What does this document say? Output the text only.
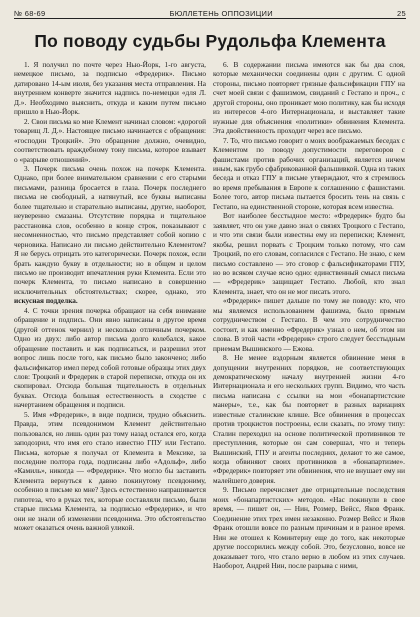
№ 68-69	БЮЛЛЕТЕНЬ ОППОЗИЦИИ	25
По поводу судьбы Рудольфа Клемента

1. Я получил по почте через Нью-Йорк, 1-го августа, немецкое письмо, за подписью «Фредерик». Письмо датировано 14-ым июля, без указания места отправления. На внутреннем конверте значится надпись по-немецки «для Л. Д.». Необходимо выяснить, откуда и каким путем письмо пришло в Нью-Йорк.

2. Свои письма ко мне Клемент начинал словом: «дорогой товарищ Л. Д.». Настоящее письмо начинается с обращения: «господин Троцкий». Это обращение должно, очевидно, соответствовать враждебному тону письма, которое взывает о «разрыве отношений».

3. Почерк письма очень похож на почерк Клемента. Однако, при более внимательном сравнении с его старыми письмами, разница бросается в глаза. Почерк последнего письма не свободный, а натянутый, все буквы выписаны более тщательно и старательно выписаны, другие, наоборот, неуверенно смазаны. Отсутствие порядка и тщательное расстановка слов, особенно в конце строк, показывают с несомненностью, что письмо представляет собой копию с черновика. Написано ли письмо действительно Клементом? Я не берусь отрицать это категорически. Почерк похож, если брать каждую букву в отдельности; но в общем и целом письмо не производит впечатления руки Клемента. Если это почерк Клемента, то письмо написано в совершенно исключительных обстоятельствах; скорее, однако, это искусная подделка.

4. С точки зрения почерка обращают на себя внимание обращение и подпись. Они явно написаны в другое время (другой оттенок чернил) и несколько отличным почерком. Одно из двух: либо автор письма долго колебался, какое обращение поставить и как подписаться, и разрешил этот вопрос лишь после того, как письмо было закончено; либо фальсификатор имел перед собой готовые образцы этих двух слов: Троцкий и Фредерик в старой переписке, откуда он их скопировал. Отсюда большая тщательность в отдельных буквах. Отсюда большая естественность в сходстве с начертанием обращения и подписи.

5. Имя «Фредерик», в виде подписи, трудно объяснить. Правда, этим псевдонимом Клемент действительно пользовался, но лишь один раз тому назад остался его, когда заподозрил, что имя его стало известно ГПУ или Гестапо. Письма, которые я получал от Клемента в Мексике, за последние полтора года, подписаны либо «Адольф», либо «Камиль», никогда — «Фредерик». Что могло бы заставить Клемента вернуться к давно покинутому псевдониму, особенно в письме ко мне? Здесь естественно напрашивается гипотеза, что в руках тех, которые составляли письмо, были старые письма Клемента, за подписью «Фредерик», и что они не знали об изменении псевдонима. Это обстоятельство может оказаться очень важной уликой.

6. В содержании письма имеются как бы два слоя, которые механически соединены один с другим. С одной стороны, письмо повторяет грязные фальсификации ГПУ на счет моей связи с фашизмом, свиданий с Гестапо и проч., с другой стороны, оно проникает мою политику, как бы исходя из интересов 4-ого Интернационала, и выставляет такие нужные для объяснения «политики» обвинения Клемента. Эта двойственность проходит через все письмо.

7. То, что письмо говорит о моих воображаемых беседах с Клементом по поводу допустимости переговоров с фашистами против рабочих организаций, является ничем иным, как грубо сфабрикованной фальшивкой. Одна из таких беседа и отказ ГПУ в письме утверждают, что я стремлюсь во время пребывания в Европе к соглашению с фашистами. Более того, автор письма пытается бросить тень на связь с Гестапо, на единственной стороне, которая всем известна.

Вот наиболее бесстыдное место: «Фредерик» будто бы заявляет, что он уже давно знал о связях Троцкого с Гестапо, и что эти связи были известны ему из переписки; Клемент, якобы, решил порвать с Троцким только потому, что сам Троцкий, по его словам, согласился с Гестапо. Не знаю, с кем письмо составлено — это сговор с фальсификаторами ГПУ, но во всяком случае ясно одно: единственный смысл письма — «Фредерик» защищает Гестапо. Любой, кто знал Клемента, знает, что он не мог писать этого.

«Фредерик» пишет дальше по тому же поводу: кто, что мы являемся использованием фашизма, было прямым сотрудничеством с Гестапо. В чем это сотрудничество состоит, и как именно «Фредерик» узнал о нем, об этом ни слова. В этой части «Фредерик» строго следует бесстыдным приемам Вышинского — Ежова.

8. Не менее вздорным является обвинение меня в допущении внутренних порядков, не соответствующих демократическому началу внутренней жизни 4-го Интернационала и его нескольких групп. Видимо, что часть письма написана с ссылки на мои «бонапартистские манеры», т.е., как бы повторяет в разных вариациях известные сталинские клише. Все обвинения в процессах против троцкистов построены, если сказать, по этому типу: Сталин переходил на основе политической противников те преступления, которые он сам совершал, что и теперь Вышинский, ГПУ и агенты последних, делают то же самое, когда обвиняют своих противников в «бонапартизме». «Фредерик» повторяет эти обвинения, что не внушает ему ни малейшего доверия.

9. Письмо перечисляет две отрицательные последствия моих «бонапартистских» методов. «Нас покинули в свое время, — пишет он, — Нин, Розмер, Вейсс, Яков Франк. Соединение этих трех имен незаконно. Розмер Вейсс и Яков Франк отошли вовсе по разным причинам и в разное время. Нин же отошел к Коминтерну еще до того, как некоторые другие поссорились между собой. Это, безусловно, вовсе не доказывает того, что стало верно в любом из этих случаев. Наоборот, Андрей Нин, после разрыва с ними,
